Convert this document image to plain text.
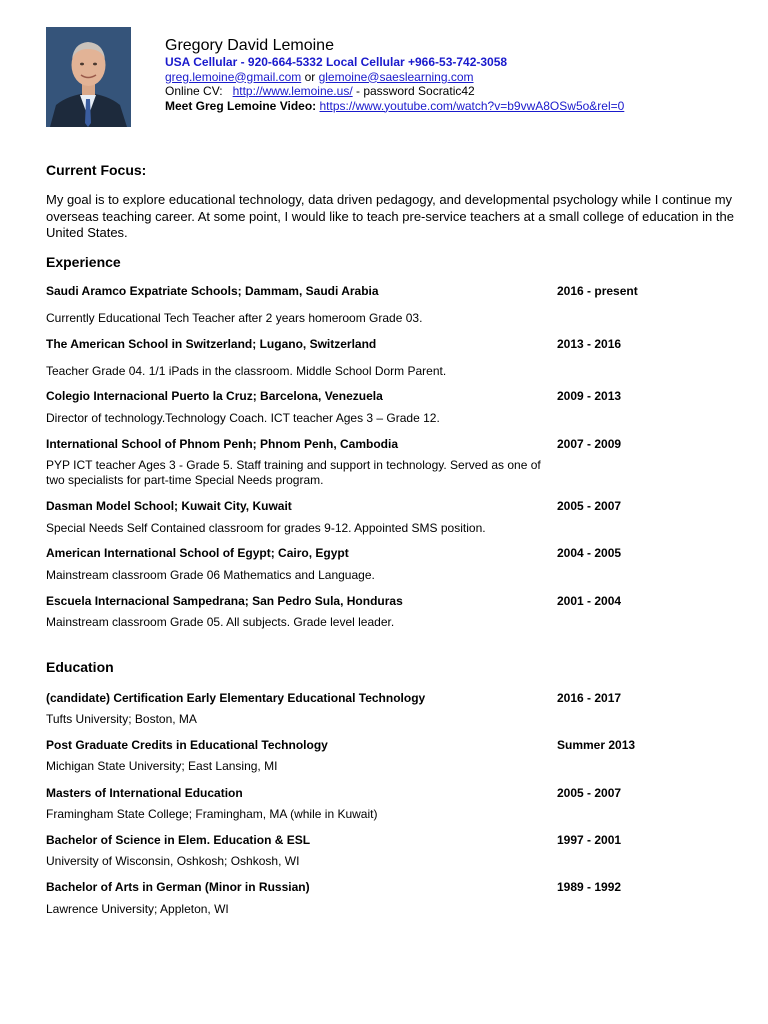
Gregory David Lemoine
USA Cellular - 920-664-5332 Local Cellular +966-53-742-3058
greg.lemoine@gmail.com or glemoine@saeslearning.com
Online CV:   http://www.lemoine.us/ - password Socratic42
Meet Greg Lemoine Video: https://www.youtube.com/watch?v=b9vwA8OSw5o&rel=0
Current Focus:
My goal is to explore educational technology, data driven pedagogy, and developmental psychology while I continue my overseas teaching career. At some point, I would like to teach pre-service teachers at a small college of education in the United States.
Experience
Saudi Aramco Expatriate Schools; Dammam, Saudi Arabia	2016 - present
Currently Educational Tech Teacher after 2 years homeroom Grade 03.
The American School in Switzerland; Lugano, Switzerland	2013 - 2016
Teacher Grade 04. 1/1 iPads in the classroom. Middle School Dorm Parent.
Colegio Internacional Puerto la Cruz; Barcelona, Venezuela	2009 - 2013
Director of technology.Technology Coach. ICT teacher Ages 3 – Grade 12.
International School of Phnom Penh; Phnom Penh, Cambodia	2007 - 2009
PYP ICT teacher Ages 3 - Grade 5. Staff training and support in technology. Served as one of two specialists for part-time Special Needs program.
Dasman Model School; Kuwait City, Kuwait	2005 - 2007
Special Needs Self Contained classroom for grades 9-12. Appointed SMS position.
American International School of Egypt; Cairo, Egypt	2004 - 2005
Mainstream classroom Grade 06 Mathematics and Language.
Escuela Internacional Sampedrana; San Pedro Sula, Honduras	2001 - 2004
Mainstream classroom Grade 05. All subjects. Grade level leader.
Education
(candidate) Certification Early Elementary Educational Technology	2016 - 2017
Tufts University; Boston, MA
Post Graduate Credits in Educational Technology	Summer 2013
Michigan State University; East Lansing, MI
Masters of International Education	2005 - 2007
Framingham State College; Framingham, MA (while in Kuwait)
Bachelor of Science in Elem. Education & ESL	1997 - 2001
University of Wisconsin, Oshkosh; Oshkosh, WI
Bachelor of Arts in German (Minor in Russian)	1989 - 1992
Lawrence University; Appleton, WI
